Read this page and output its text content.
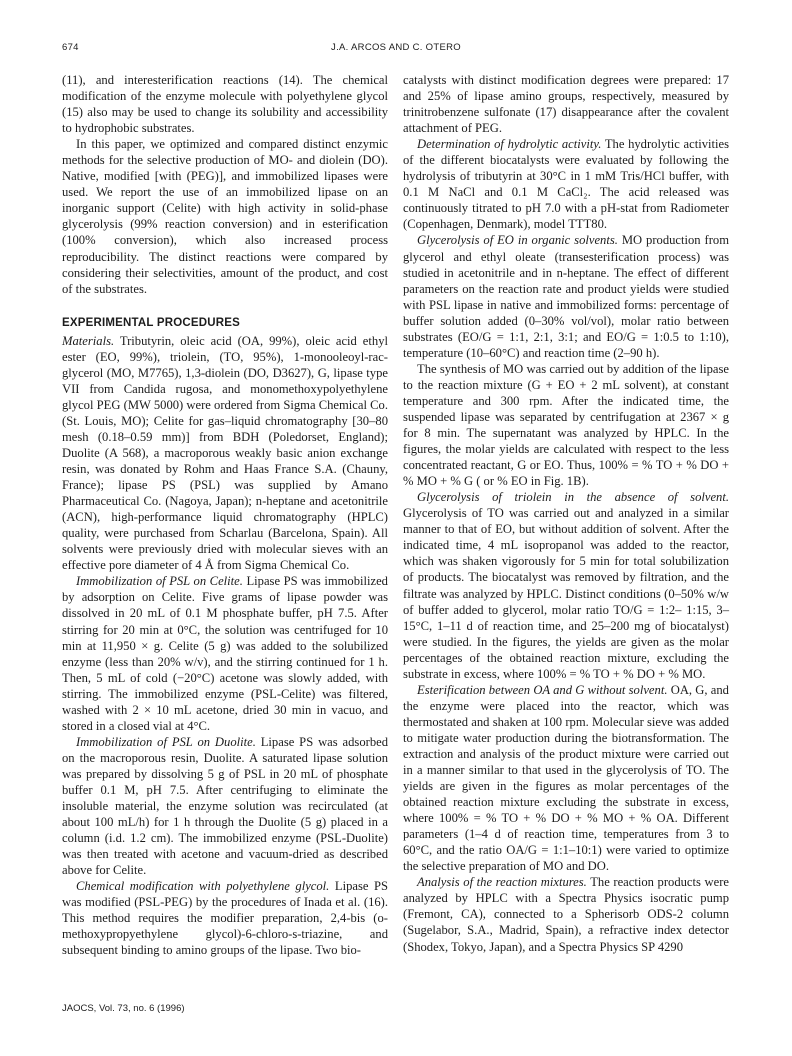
674	J.A. ARCOS AND C. OTERO

(11), and interesterification reactions (14). The chemical modification of the enzyme molecule with polyethylene glycol (15) also may be used to change its solubility and accessibility to hydrophobic substrates.

In this paper, we optimized and compared distinct enzymic methods for the selective production of MO- and diolein (DO). Native, modified [with (PEG)], and immobilized lipases were used. We report the use of an immobilized lipase on an inorganic support (Celite) with high activity in solid-phase glycerolysis (99% reaction conversion) and in esterification (100% conversion), which also increased process reproducibility. The distinct reactions were compared by considering their selectivities, amount of the product, and cost of the substrates.

EXPERIMENTAL PROCEDURES

Materials. Tributyrin, oleic acid (OA, 99%), oleic acid ethyl ester (EO, 99%), triolein, (TO, 95%), 1-monooleoyl-rac-glycerol (MO, M7765), 1,3-diolein (DO, D3627), G, lipase type VII from Candida rugosa, and monomethoxypolyethylene glycol PEG (MW 5000) were ordered from Sigma Chemical Co. (St. Louis, MO); Celite for gas–liquid chromatography [30–80 mesh (0.18–0.59 mm)] from BDH (Poledorset, England); Duolite (A 568), a macroporous weakly basic anion exchange resin, was donated by Rohm and Haas France S.A. (Chauny, France); lipase PS (PSL) was supplied by Amano Pharmaceutical Co. (Nagoya, Japan); n-heptane and acetonitrile (ACN), high-performance liquid chromatography (HPLC) quality, were purchased from Scharlau (Barcelona, Spain). All solvents were previously dried with molecular sieves with an effective pore diameter of 4 Å from Sigma Chemical Co.

Immobilization of PSL on Celite. Lipase PS was immobilized by adsorption on Celite. Five grams of lipase powder was dissolved in 20 mL of 0.1 M phosphate buffer, pH 7.5. After stirring for 20 min at 0°C, the solution was centrifuged for 10 min at 11,950 × g. Celite (5 g) was added to the solubilized enzyme (less than 20% w/v), and the stirring continued for 1 h. Then, 5 mL of cold (−20°C) acetone was slowly added, with stirring. The immobilized enzyme (PSL-Celite) was filtered, washed with 2 × 10 mL acetone, dried 30 min in vacuo, and stored in a closed vial at 4°C.

Immobilization of PSL on Duolite. Lipase PS was adsorbed on the macroporous resin, Duolite. A saturated lipase solution was prepared by dissolving 5 g of PSL in 20 mL of phosphate buffer 0.1 M, pH 7.5. After centrifuging to eliminate the insoluble material, the enzyme solution was recirculated (at about 100 mL/h) for 1 h through the Duolite (5 g) placed in a column (i.d. 1.2 cm). The immobilized enzyme (PSL-Duolite) was then treated with acetone and vacuum-dried as described above for Celite.

Chemical modification with polyethylene glycol. Lipase PS was modified (PSL-PEG) by the procedures of Inada et al. (16). This method requires the modifier preparation, 2,4-bis (o-methoxypropyethylene glycol)-6-chloro-s-triazine, and subsequent binding to amino groups of the lipase. Two bio-

catalysts with distinct modification degrees were prepared: 17 and 25% of lipase amino groups, respectively, measured by trinitrobenzene sulfonate (17) disappearance after the covalent attachment of PEG.

Determination of hydrolytic activity. The hydrolytic activities of the different biocatalysts were evaluated by following the hydrolysis of tributyrin at 30°C in 1 mM Tris/HCl buffer, with 0.1 M NaCl and 0.1 M CaCl₂. The acid released was continuously titrated to pH 7.0 with a pH-stat from Radiometer (Copenhagen, Denmark), model TTT80.

Glycerolysis of EO in organic solvents. MO production from glycerol and ethyl oleate (transesterification process) was studied in acetonitrile and in n-heptane. The effect of different parameters on the reaction rate and product yields were studied with PSL lipase in native and immobilized forms: percentage of buffer solution added (0–30% vol/vol), molar ratio between substrates (EO/G = 1:1, 2:1, 3:1; and EO/G = 1:0.5 to 1:10), temperature (10–60°C) and reaction time (2–90 h).

The synthesis of MO was carried out by addition of the lipase to the reaction mixture (G + EO + 2 mL solvent), at constant temperature and 300 rpm. After the indicated time, the suspended lipase was separated by centrifugation at 2367 × g for 8 min. The supernatant was analyzed by HPLC. In the figures, the molar yields are calculated with respect to the less concentrated reactant, G or EO. Thus, 100% = % TO + % DO + % MO + % G ( or % EO in Fig. 1B).

Glycerolysis of triolein in the absence of solvent. Glycerolysis of TO was carried out and analyzed in a similar manner to that of EO, but without addition of solvent. After the indicated time, 4 mL isopropanol was added to the reactor, which was shaken vigorously for 5 min for total solubilization of products. The biocatalyst was removed by filtration, and the filtrate was analyzed by HPLC. Distinct conditions (0–50% w/w of buffer added to glycerol, molar ratio TO/G = 1:2– 1:15, 3–15°C, 1–11 d of reaction time, and 25–200 mg of biocatalyst) were studied. In the figures, the yields are given as the molar percentages of the obtained reaction mixture, excluding the substrate in excess, where 100% = % TO + % DO + % MO.

Esterification between OA and G without solvent. OA, G, and the enzyme were placed into the reactor, which was thermostated and shaken at 100 rpm. Molecular sieve was added to mitigate water production during the biotransformation. The extraction and analysis of the product mixture were carried out in a manner similar to that used in the glycerolysis of TO. The yields are given in the figures as molar percentages of the obtained reaction mixture excluding the substrate in excess, where 100% = % TO + % DO + % MO + % OA. Different parameters (1–4 d of reaction time, temperatures from 3 to 60°C, and the ratio OA/G = 1:1–10:1) were varied to optimize the selective preparation of MO and DO.

Analysis of the reaction mixtures. The reaction products were analyzed by HPLC with a Spectra Physics isocratic pump (Fremont, CA), connected to a Spherisorb ODS-2 column (Sugelabor, S.A., Madrid, Spain), a refractive index detector (Shodex, Tokyo, Japan), and a Spectra Physics SP 4290

JAOCS, Vol. 73, no. 6 (1996)
